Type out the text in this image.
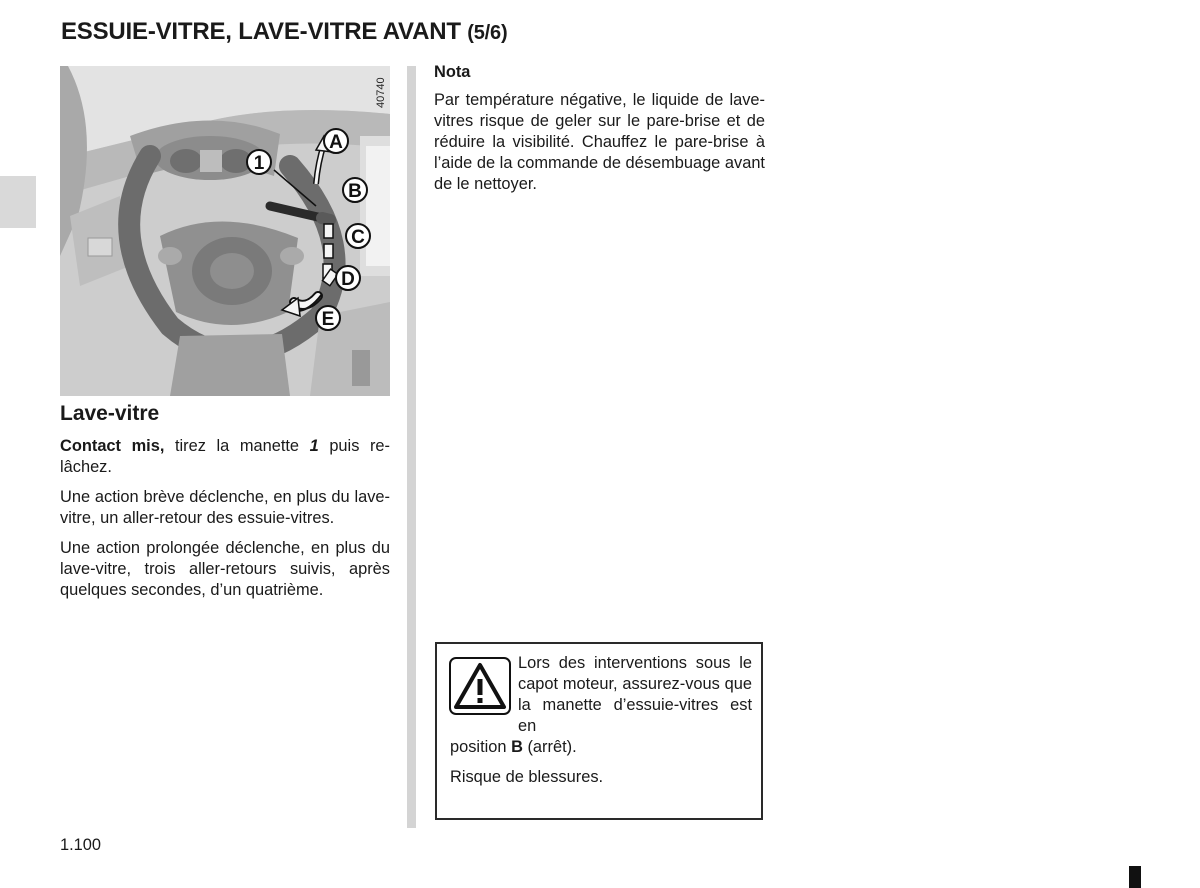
ESSUIE-VITRE, LAVE-VITRE AVANT (5/6)
40740
1
A
B
C
D
E
Lave-vitre

Contact mis, tirez la manette 1 puis relâchez.

Une action brève déclenche, en plus du lave-vitre, un aller-retour des essuie-vitres.

Une action prolongée déclenche, en plus du lave-vitre, trois aller-retours suivis, après quelques secondes, d’un quatrième.

Nota

Par température négative, le liquide de lave-vitres risque de geler sur le pare-brise et de réduire la visibilité. Chauffez le pare-brise à l’aide de la commande de désembuage avant de le nettoyer.

Lors des interventions sous le capot moteur, assurez-vous que la manette d’essuie-vitres est en
position B (arrêt).

Risque de blessures.

1.100
